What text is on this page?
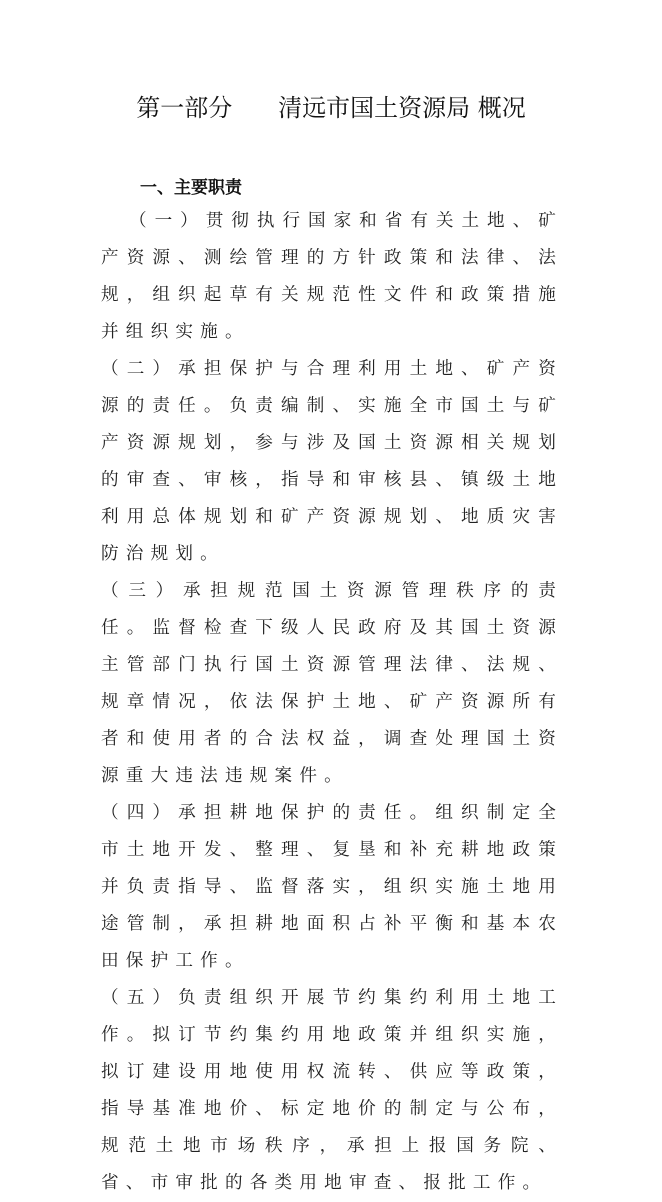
第一部分      清远市国土资源局 概况
一、主要职责

（一）贯彻执行国家和省有关土地、矿产资源、测绘管理的方针政策和法律、法规，组织起草有关规范性文件和政策措施并组织实施。

（二）承担保护与合理利用土地、矿产资源的责任。负责编制、实施全市国土与矿产资源规划，参与涉及国土资源相关规划的审查、审核，指导和审核县、镇级土地利用总体规划和矿产资源规划、地质灾害防治规划。

（三）承担规范国土资源管理秩序的责任。监督检查下级人民政府及其国土资源主管部门执行国土资源管理法律、法规、规章情况，依法保护土地、矿产资源所有者和使用者的合法权益，调查处理国土资源重大违法违规案件。

（四）承担耕地保护的责任。组织制定全市土地开发、整理、复垦和补充耕地政策并负责指导、监督落实，组织实施土地用途管制，承担耕地面积占补平衡和基本农田保护工作。

（五）负责组织开展节约集约利用土地工作。拟订节约集约用地政策并组织实施，拟订建设用地使用权流转、供应等政策，指导基准地价、标定地价的制定与公布，规范土地市场秩序，承担上报国务院、省、市审批的各类用地审查、报批工作。
